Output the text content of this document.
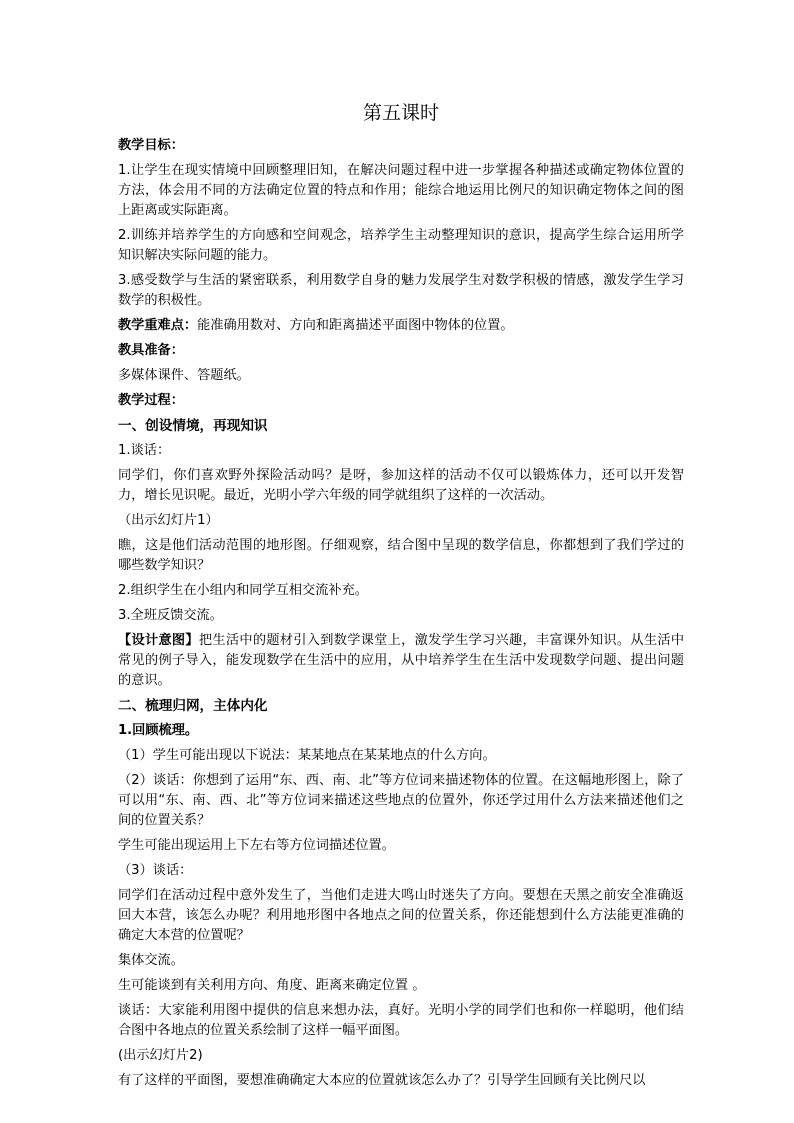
第五课时

教学目标：

1.让学生在现实情境中回顾整理旧知，在解决问题过程中进一步掌握各种描述或确定物体位置的方法，体会用不同的方法确定位置的特点和作用；能综合地运用比例尺的知识确定物体之间的图上距离或实际距离。

2.训练并培养学生的方向感和空间观念，培养学生主动整理知识的意识，提高学生综合运用所学知识解决实际问题的能力。

3.感受数学与生活的紧密联系，利用数学自身的魅力发展学生对数学积极的情感，激发学生学习数学的积极性。

教学重难点：能准确用数对、方向和距离描述平面图中物体的位置。

教具准备：

多媒体课件、答题纸。

教学过程：

一、创设情境，再现知识

1.谈话：

同学们，你们喜欢野外探险活动吗？是呀，参加这样的活动不仅可以锻炼体力，还可以开发智力，增长见识呢。最近，光明小学六年级的同学就组织了这样的一次活动。

（出示幻灯片1）

瞧，这是他们活动范围的地形图。仔细观察，结合图中呈现的数学信息，你都想到了我们学过的哪些数学知识？

2.组织学生在小组内和同学互相交流补充。

3.全班反馈交流。

【设计意图】把生活中的题材引入到数学课堂上，激发学生学习兴趣，丰富课外知识。从生活中常见的例子导入，能发现数学在生活中的应用，从中培养学生在生活中发现数学问题、提出问题的意识。

二、梳理归网，主体内化

1.回顾梳理。

（1）学生可能出现以下说法：某某地点在某某地点的什么方向。

（2）谈话：你想到了运用“东、西、南、北”等方位词来描述物体的位置。在这幅地形图上，除了可以用“东、南、西、北”等方位词来描述这些地点的位置外，你还学过用什么方法来描述他们之间的位置关系？

学生可能出现运用上下左右等方位词描述位置。

（3）谈话：

同学们在活动过程中意外发生了，当他们走进大鸣山时迷失了方向。要想在天黑之前安全准确返回大本营，该怎么办呢？利用地形图中各地点之间的位置关系，你还能想到什么方法能更准确的确定大本营的位置呢？

集体交流。

生可能谈到有关利用方向、角度、距离来确定位置 。

谈话：大家能利用图中提供的信息来想办法，真好。光明小学的同学们也和你一样聪明，他们结合图中各地点的位置关系绘制了这样一幅平面图。

(出示幻灯片2)

有了这样的平面图，要想准确确定大本应的位置就该怎么办了？引导学生回顾有关比例尺以
